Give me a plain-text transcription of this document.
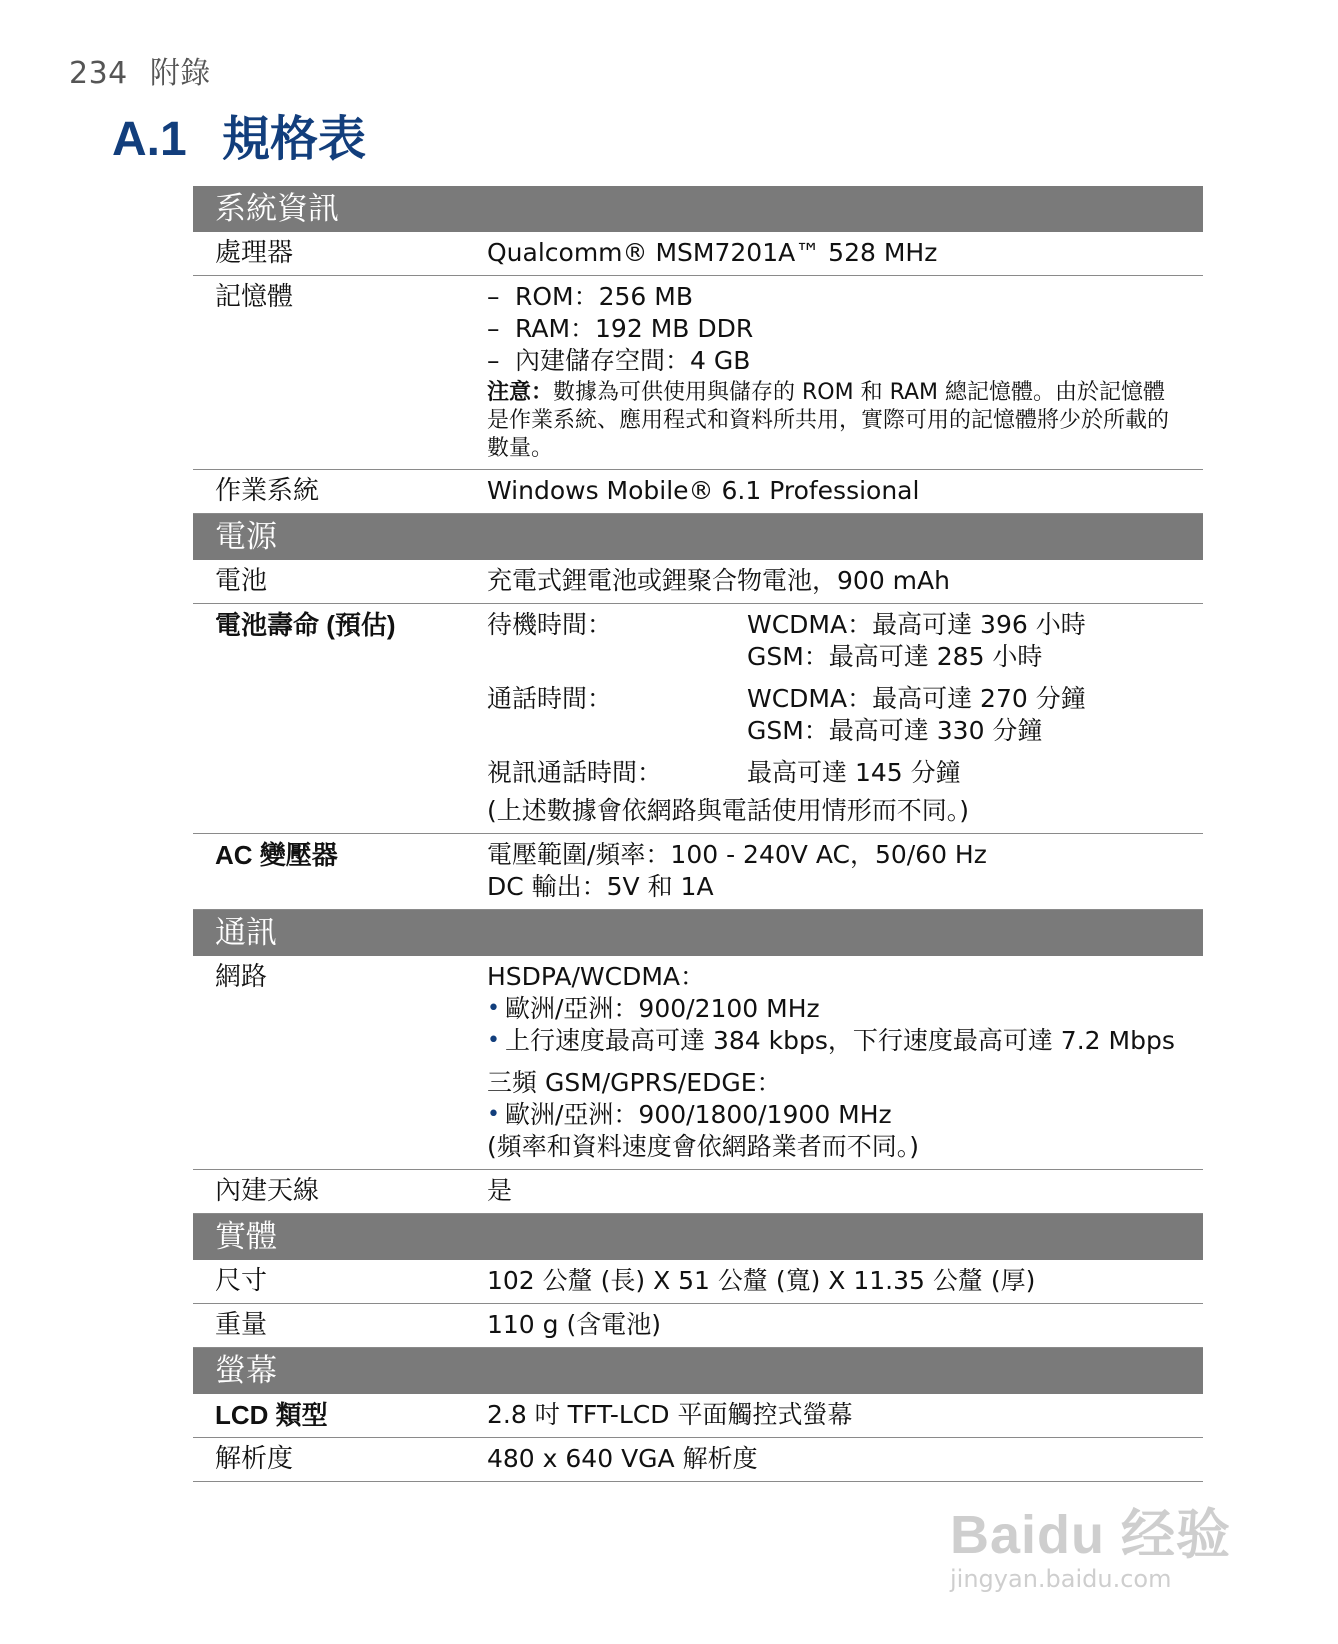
234 附錄
A.1 規格表
系統資訊
處理器	Qualcomm® MSM7201A™ 528 MHz
記憶體	– ROM：256 MB
– RAM：192 MB DDR
– 內建儲存空間：4 GB
注意：數據為可供使用與儲存的 ROM 和 RAM 總記憶體。由於記憶體是作業系統、應用程式和資料所共用，實際可用的記憶體將少於所載的數量。
作業系統	Windows Mobile® 6.1 Professional
電源
電池	充電式鋰電池或鋰聚合物電池，900 mAh
電池壽命 (預估)	待機時間：	WCDMA：最高可達 396 小時
GSM：最高可達 285 小時
通話時間：	WCDMA：最高可達 270 分鐘
GSM：最高可達 330 分鐘
視訊通話時間：	最高可達 145 分鐘
(上述數據會依網路與電話使用情形而不同。)
AC 變壓器	電壓範圍/頻率：100 - 240V AC，50/60 Hz
DC 輸出：5V 和 1A
通訊
網路	HSDPA/WCDMA：
• 歐洲/亞洲：900/2100 MHz
• 上行速度最高可達 384 kbps，下行速度最高可達 7.2 Mbps
三頻 GSM/GPRS/EDGE：
• 歐洲/亞洲：900/1800/1900 MHz
(頻率和資料速度會依網路業者而不同。)
內建天線	是
實體
尺寸	102 公釐 (長) X 51 公釐 (寬) X 11.35 公釐 (厚)
重量	110 g (含電池)
螢幕
LCD 類型	2.8 吋 TFT-LCD 平面觸控式螢幕
解析度	480 x 640 VGA 解析度
Baidu 经验
jingyan.baidu.com
